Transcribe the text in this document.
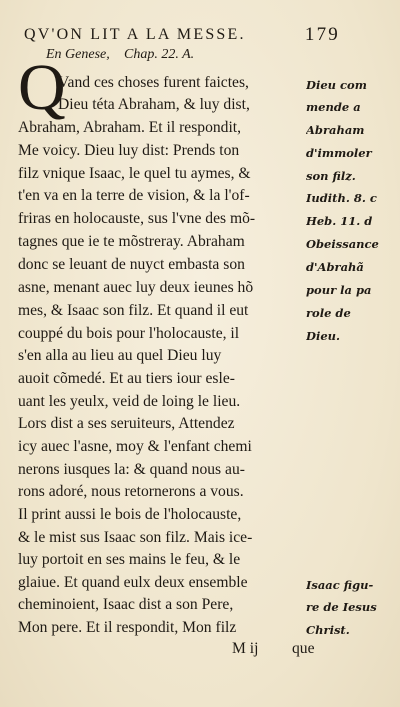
QV'ON LIT A LA MESSE.	179
En Genese, Chap. 22. A.
Q
Vand ces choses furent faictes,
Dieu téta Abraham, & luy dist,
Abraham, Abraham. Et il respondit,
Me voicy. Dieu luy dist: Prends ton
filz vnique Isaac, le quel tu aymes, &
t'en va en la terre de vision, & la l'of-
friras en holocauste, sus l'vne des mõ-
tagnes que ie te mõstreray. Abraham
donc se leuant de nuyct embasta son
asne, menant auec luy deux ieunes hõ
mes, & Isaac son filz. Et quand il eut
couppé du bois pour l'holocauste, il
s'en alla au lieu au quel Dieu luy
auoit cõmedé. Et au tiers iour esle-
uant les yeulx, veid de loing le lieu.
Lors dist a ses seruiteurs, Attendez
icy auec l'asne, moy & l'enfant chemi
nerons iusques la: & quand nous au-
rons adoré, nous retornerons a vous.
Il print aussi le bois de l'holocauste,
& le mist sus Isaac son filz. Mais ice-
luy portoit en ses mains le feu, & le
glaiue. Et quand eulx deux ensemble
cheminoient, Isaac dist a son Pere,
Mon pere. Et il respondit, Mon filz
Dieu com
mende a
Abraham
d'immoler
son filz.
Iudith. 8. c
Heb. 11. d
Obeissance
d'Abrahã
pour la pa
role de
Dieu.
Isaac figu-
re de Iesus
Christ.
M ij que
